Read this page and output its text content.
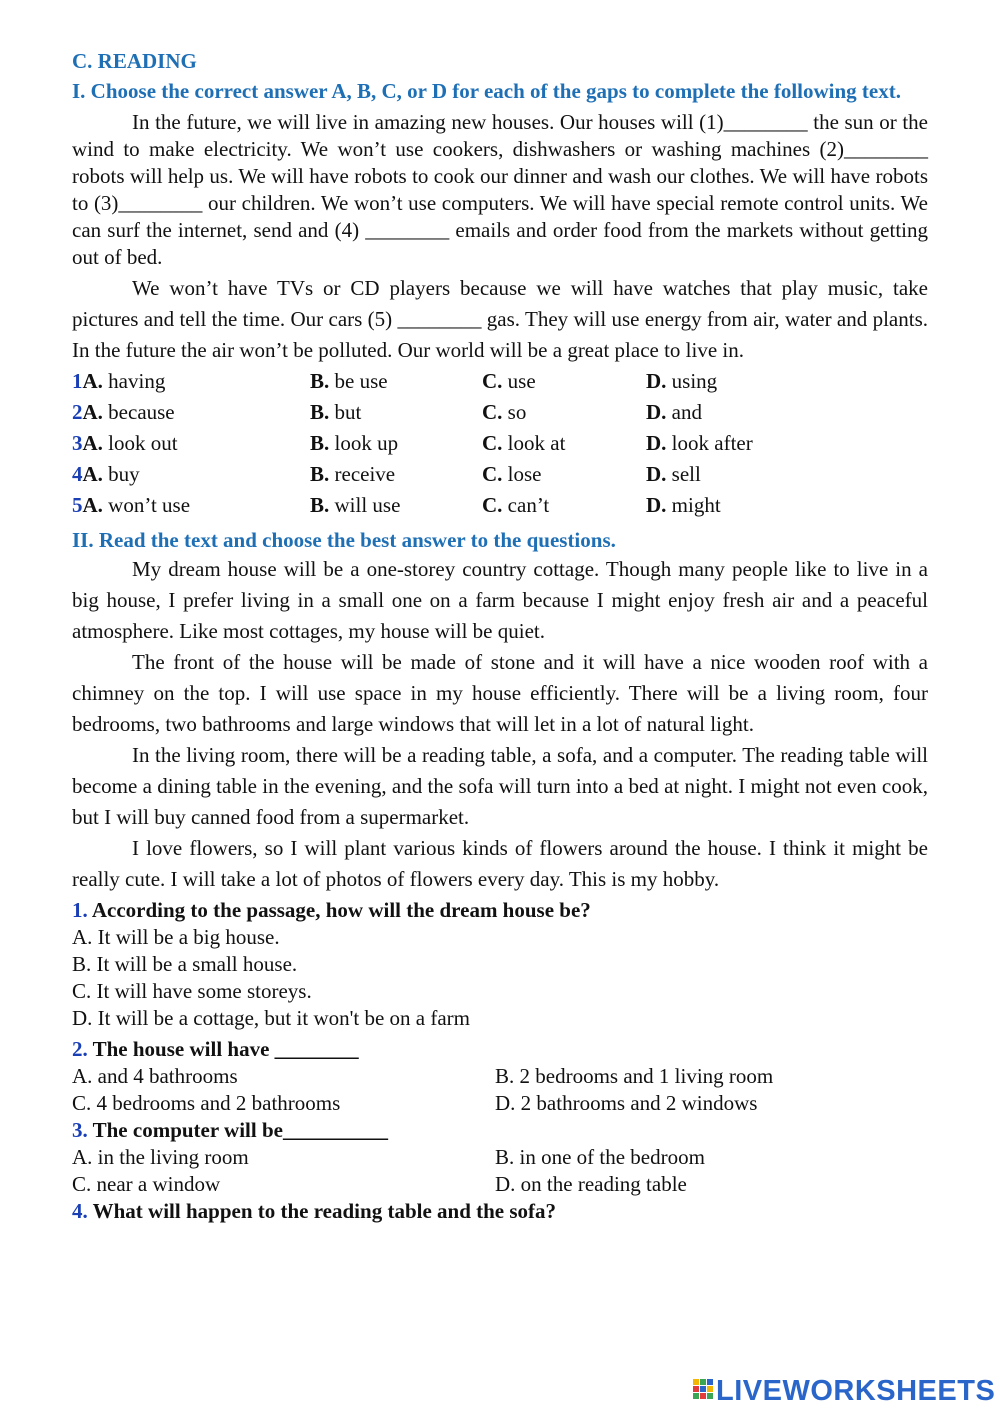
C. READING
I. Choose the correct answer A, B, C, or D for each of the gaps to complete the following text.

In the future, we will live in amazing new houses. Our houses will (1)________ the sun or the wind to make electricity. We won’t use cookers, dishwashers or washing machines (2)________ robots will help us. We will have robots to cook our dinner and wash our clothes. We will have robots to (3)________ our children. We won’t use computers. We will have special remote control units. We can surf the internet, send and (4) ________ emails and order food from the markets without getting out of bed.

We won’t have TVs or CD players because we will have watches that play music, take pictures and tell the time. Our cars (5) ________ gas. They will use energy from air, water and plants. In the future the air won’t be polluted. Our world will be a great place to live in.

1A. having	B. be use	C. use	D. using
2A. because	B. but	C. so	D. and
3A. look out	B. look up	C. look at	D. look after
4A. buy	B. receive	C. lose	D. sell
5A. won’t use	B. will use	C. can’t	D. might
II. Read the text and choose the best answer to the questions.

My dream house will be a one-storey country cottage. Though many people like to live in a big house, I prefer living in a small one on a farm because I might enjoy fresh air and a peaceful atmosphere. Like most cottages, my house will be quiet.

The front of the house will be made of stone and it will have a nice wooden roof with a chimney on the top. I will use space in my house efficiently. There will be a living room, four bedrooms, two bathrooms and large windows that will let in a lot of natural light.

In the living room, there will be a reading table, a sofa, and a computer. The reading table will become a dining table in the evening, and the sofa will turn into a bed at night. I might not even cook, but I will buy canned food from a supermarket.

I love flowers, so I will plant various kinds of flowers around the house. I think it might be really cute. I will take a lot of photos of flowers every day. This is my hobby.

1. According to the passage, how will the dream house be?
A. It will be a big house.
B. It will be a small house.
C. It will have some storeys.
D. It will be a cottage, but it won't be on a farm
2. The house will have ________
A. and 4 bathrooms	B. 2 bedrooms and 1 living room
C. 4 bedrooms and 2 bathrooms	D. 2 bathrooms and 2 windows
3. The computer will be__________
A. in the living room	B. in one of the bedroom
C. near a window	D. on the reading table
4. What will happen to the reading table and the sofa?
LIVEWORKSHEETS
